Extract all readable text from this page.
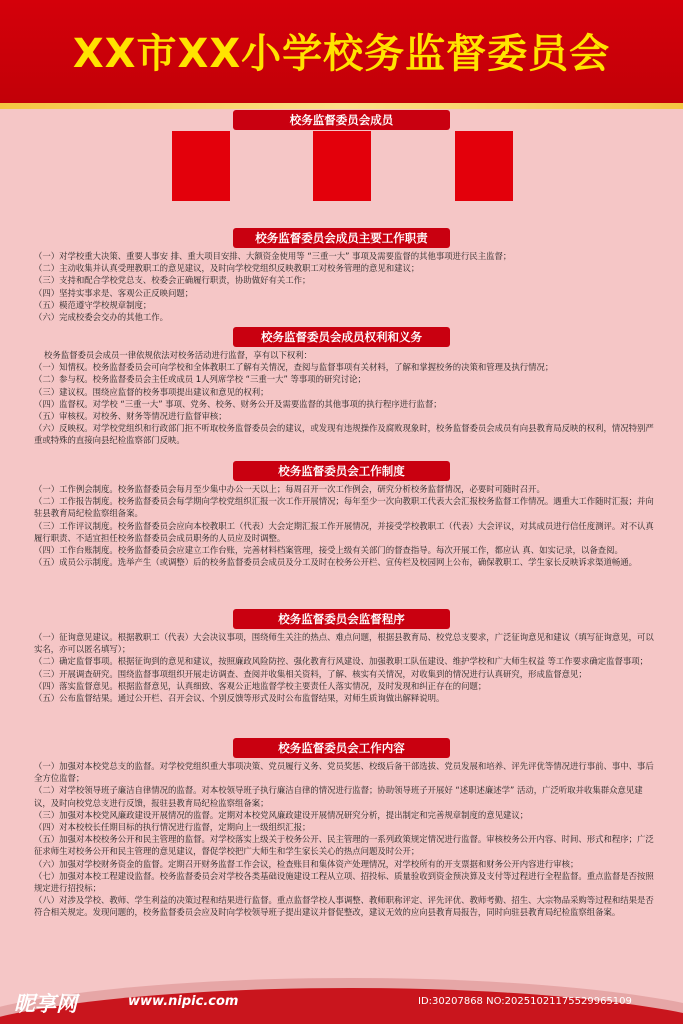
XX市XX小学校务监督委员会
校务监督委员会成员
校务监督委员会成员主要工作职责

（一）对学校重大决策、重要人事安 排、重大项目安排、大额资金使用等 “三重一大” 事项及需要监督的其他事项进行民主监督；

（二）主动收集并认真受理教职工的意见建议，及时向学校党组织反映教职工对校务管理的意见和建议；

（三）支持和配合学校党总支、校委会正确履行职责，协助做好有关工作；

（四）坚持实事求是、客观公正反映问题；

（五）模范遵守学校规章制度；

（六）完成校委会交办的其他工作。

校务监督委员会成员权利和义务

校务监督委员会成员一律依规依法对校务活动进行监督，享有以下权利：

（一）知情权。校务监督委员会可向学校和全体教职工了解有关情况，查阅与监督事项有关材料，了解和掌握校务的决策和管理及执行情况；

（二）参与权。校务监督委员会主任或成员 1人列席学校 “三重一大” 等事项的研究讨论；

（三）建议权。围绕应监督的校务事项提出建议和意见的权利；

（四）监督权。对学校 “三重一大” 事项、党务、校务、财务公开及需要监督的其他事项的执行程序进行监督；

（五）审核权。对校务、财务等情况进行监督审核；

（六）反映权。对学校党组织和行政部门拒不听取校务监督委员会的建议，或发现有违规操作及腐败现象时，校务监督委员会成员有向县教育局反映的权利，情况特别严重或特殊的直接向县纪检监察部门反映。

校务监督委员会工作制度

（一）工作例会制度。校务监督委员会每月至少集中办公一天以上；每周召开一次工作例会，研究分析校务监督情况，必要时可随时召开。

（二）工作报告制度。校务监督委员会每学期向学校党组织汇报一次工作开展情况；每年至少一次向教职工代表大会汇报校务监督工作情况。遇重大工作随时汇报；并向驻县教育局纪检监察组备案。

（三）工作评议制度。校务监督委员会应向本校教职工（代表）大会定期汇报工作开展情况，并接受学校教职工（代表）大会评议，对其成员进行信任度测评。对不认真履行职责、不适宜担任校务监督委员会成员职务的人员应及时调整。

（四）工作台账制度。校务监督委员会应建立工作台账，完善材料档案管理，接受上级有关部门的督查指导。每次开展工作，都应认 真、如实记录，以备查阅。

（五）成员公示制度。选举产生（或调整）后的校务监督委员会成员及分工及时在校务公开栏、宣传栏及校园网上公布，确保教职工、学生家长反映诉求渠道畅通。

校务监督委员会监督程序

（一）征询意见建议。根据教职工（代表）大会决议事项，围绕师生关注的热点、难点问题，根据县教育局、校党总支要求，广泛征询意见和建议（填写征询意见，可以实名，亦可以匿名填写）；

（二）确定监督事项。根据征询到的意见和建议，按照廉政风险防控、强化教育行风建设、加强教职工队伍建设、维护学校和广大师生权益 等工作要求确定监督事项；

（三）开展调查研究。围绕监督事项组织开展走访调查、查阅并收集相关资料，了解、核实有关情况，对收集到的情况进行认真研究，形成监督意见；

（四）落实监督意见。根据监督意见，认真细致、客观公正地监督学校主要责任人落实情况，及时发现和纠正存在的问题；

（五）公布监督结果。通过公开栏、召开会议、个别反馈等形式及时公布监督结果，对师生质询做出解释说明。

校务监督委员会工作内容

（一）加强对本校党总支的监督。对学校党组织重大事项决策、党员履行义务、党员奖惩、校级后备干部选拔、党员发展和培养、评先评优等情况进行事前、事中、事后全方位监督；

（二）对学校领导班子廉洁自律情况的监督。对本校领导班子执行廉洁自律的情况进行监督；协助领导班子开展好 “述职述廉述学” 活动，广泛听取并收集群众意见建议，及时向校党总支进行反馈，报驻县教育局纪检监察组备案；

（三）加强对本校党风廉政建设开展情况的监督。定期对本校党风廉政建设开展情况研究分析，提出制定和完善规章制度的意见建议；

（四）对本校校长任期目标的执行情况进行监督，定期向上一级组织汇报；

（五）加强对本校校务公开和民主管理的监督。对学校落实上级关于校务公开、民主管理的一系列政策规定情况进行监督。审核校务公开内容、时间、形式和程序；广泛征求师生对校务公开和民主管理的意见建议，督促学校把广大师生和学生家长关心的热点问题及时公开；

（六）加强对学校财务资金的监督。定期召开财务监督工作会议，检查账目和集体资产处理情况，对学校所有的开支票据和财务公开内容进行审核；

（七）加强对本校工程建设监督。校务监督委员会对学校各类基础设施建设工程从立项、招投标、质量验收到资金预决算及支付等过程进行全程监督。重点监督是否按照规定进行招投标；

（八）对涉及学校、教师、学生利益的决策过程和结果进行监督。重点监督学校人事调整、教师职称评定、评先评优、教师考勤、招生、大宗物品采购等过程和结果是否符合相关规定。发现问题的，校务监督委员会应及时向学校领导班子提出建议并督促整改，建议无效的应向县教育局报告，同时向驻县教育局纪检监察组备案。

昵享网	www.nipic.com	ID:30207868 NO:20251021175529965109
